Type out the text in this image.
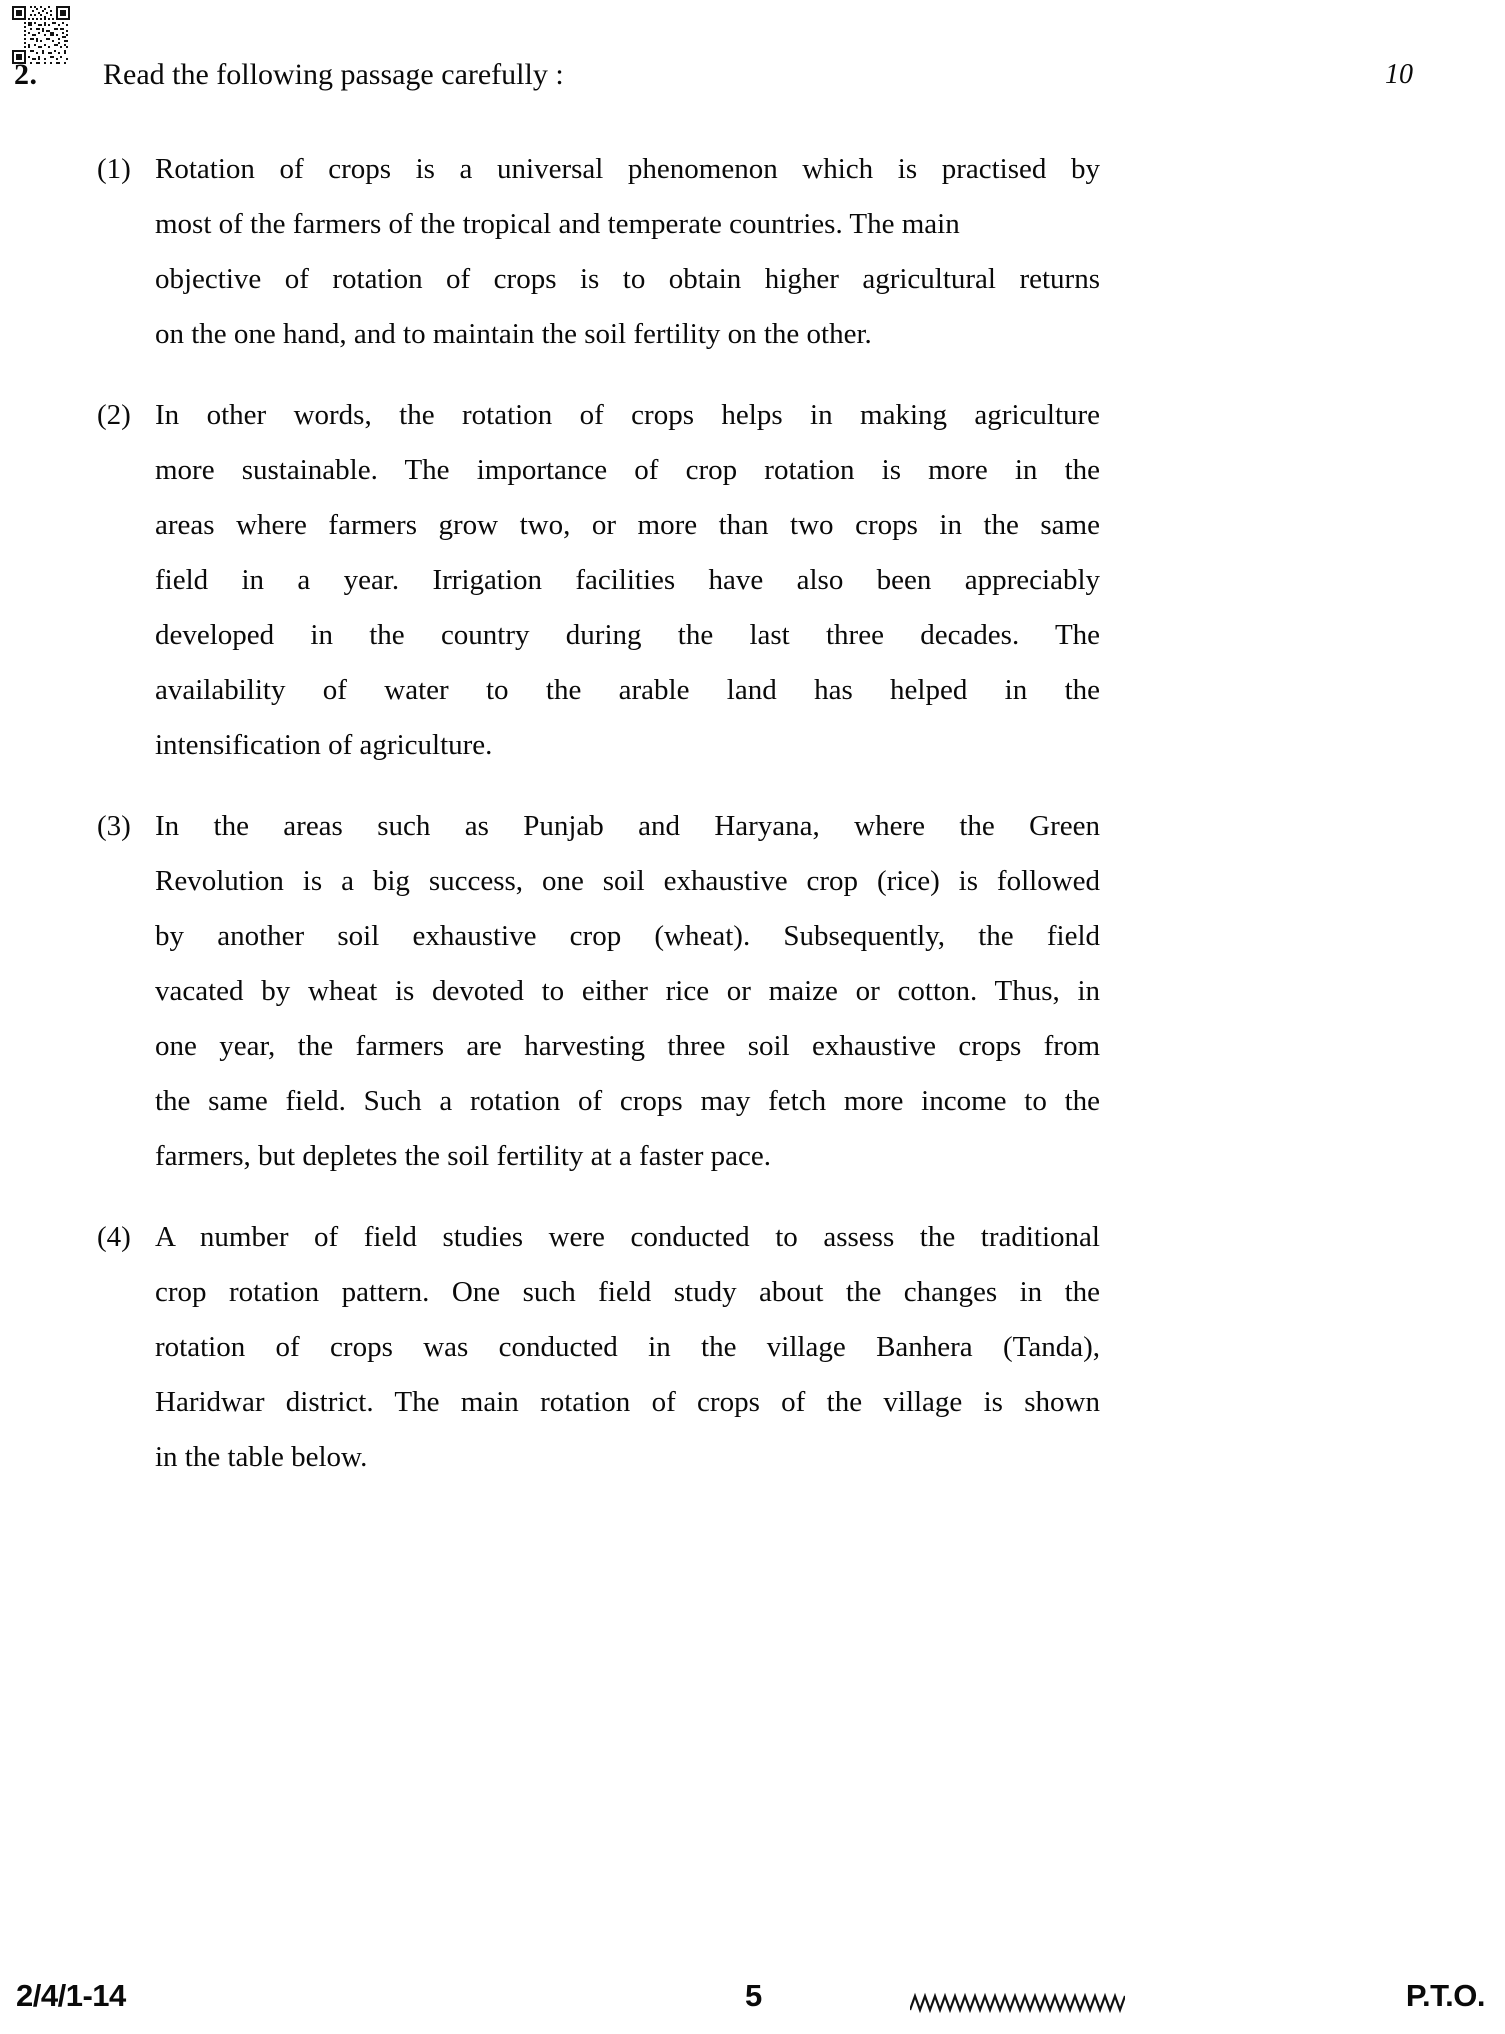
2. Read the following passage carefully :	10
(1) Rotation of crops is a universal phenomenon which is practised by
most of the farmers of the tropical and temperate countries. The main
objective of rotation of crops is to obtain higher agricultural returns
on the one hand, and to maintain the soil fertility on the other.
(2) In other words, the rotation of crops helps in making agriculture
more sustainable. The importance of crop rotation is more in the
areas where farmers grow two, or more than two crops in the same
field in a year. Irrigation facilities have also been appreciably
developed in the country during the last three decades. The
availability of water to the arable land has helped in the
intensification of agriculture.
(3) In the areas such as Punjab and Haryana, where the Green
Revolution is a big success, one soil exhaustive crop (rice) is followed
by another soil exhaustive crop (wheat). Subsequently, the field
vacated by wheat is devoted to either rice or maize or cotton. Thus, in
one year, the farmers are harvesting three soil exhaustive crops from
the same field. Such a rotation of crops may fetch more income to the
farmers, but depletes the soil fertility at a faster pace.
(4) A number of field studies were conducted to assess the traditional
crop rotation pattern. One such field study about the changes in the
rotation of crops was conducted in the village Banhera (Tanda),
Haridwar district. The main rotation of crops of the village is shown
in the table below.
2/4/1-14	5	P.T.O.
